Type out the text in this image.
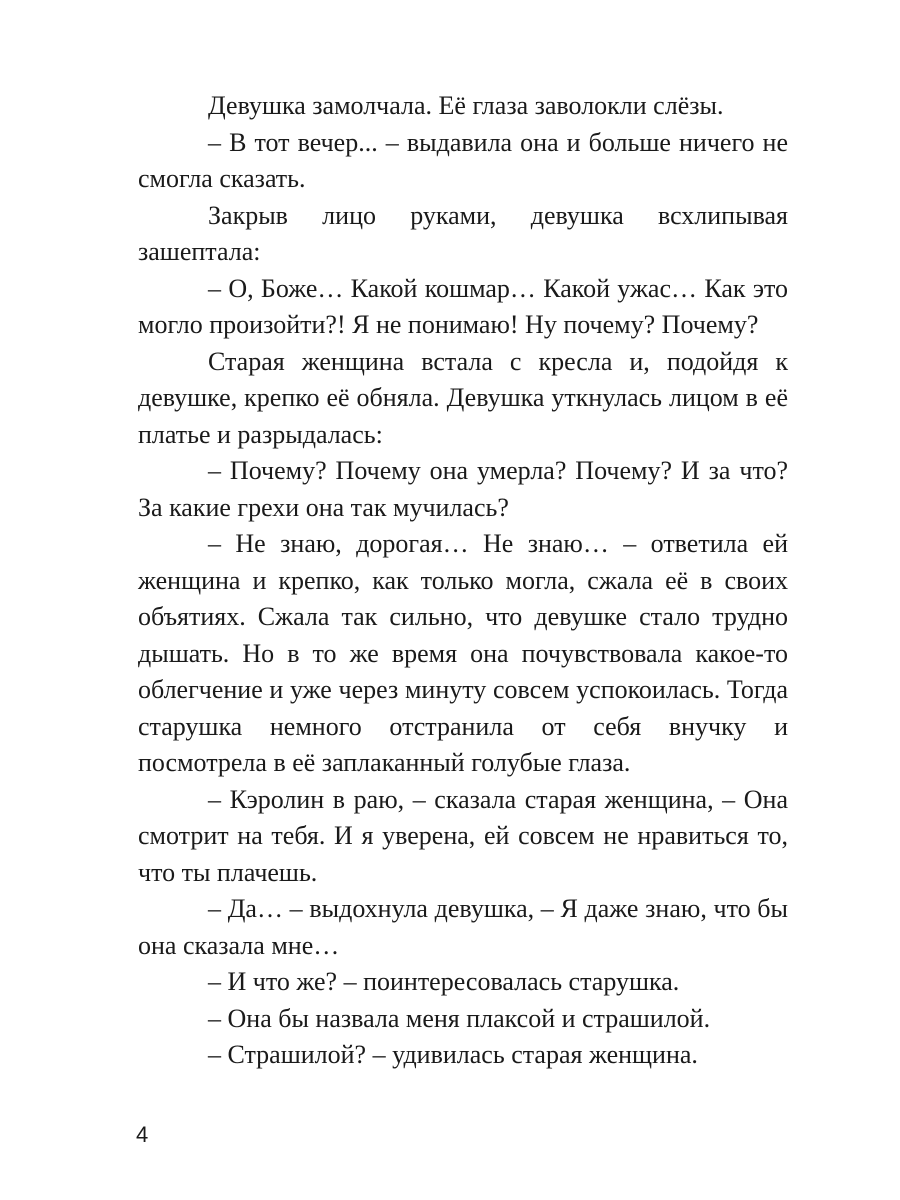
Девушка замолчала. Её глаза заволокли слёзы.

– В тот вечер... – выдавила она и больше ничего не смогла сказать.

Закрыв лицо руками, девушка всхлипывая зашептала:

– О, Боже… Какой кошмар… Какой ужас… Как это могло произойти?! Я не понимаю! Ну почему? Почему?

Старая женщина встала с кресла и, подойдя к девушке, крепко её обняла. Девушка уткнулась лицом в её платье и разрыдалась:

– Почему? Почему она умерла? Почему? И за что? За какие грехи она так мучилась?

– Не знаю, дорогая… Не знаю… – ответила ей женщина и крепко, как только могла, сжала её в своих объятиях. Сжала так сильно, что девушке стало трудно дышать. Но в то же время она почувствовала какое-то облегчение и уже через минуту совсем успокоилась. Тогда старушка немного отстранила от себя внучку и посмотрела в её заплаканный голубые глаза.

– Кэролин в раю, – сказала старая женщина, – Она смотрит на тебя. И я уверена, ей совсем не нравиться то, что ты плачешь.

– Да… – выдохнула девушка, – Я даже знаю, что бы она сказала мне…

– И что же? – поинтересовалась старушка.

– Она бы назвала меня плаксой и страшилой.

– Страшилой? – удивилась старая женщина.

4
